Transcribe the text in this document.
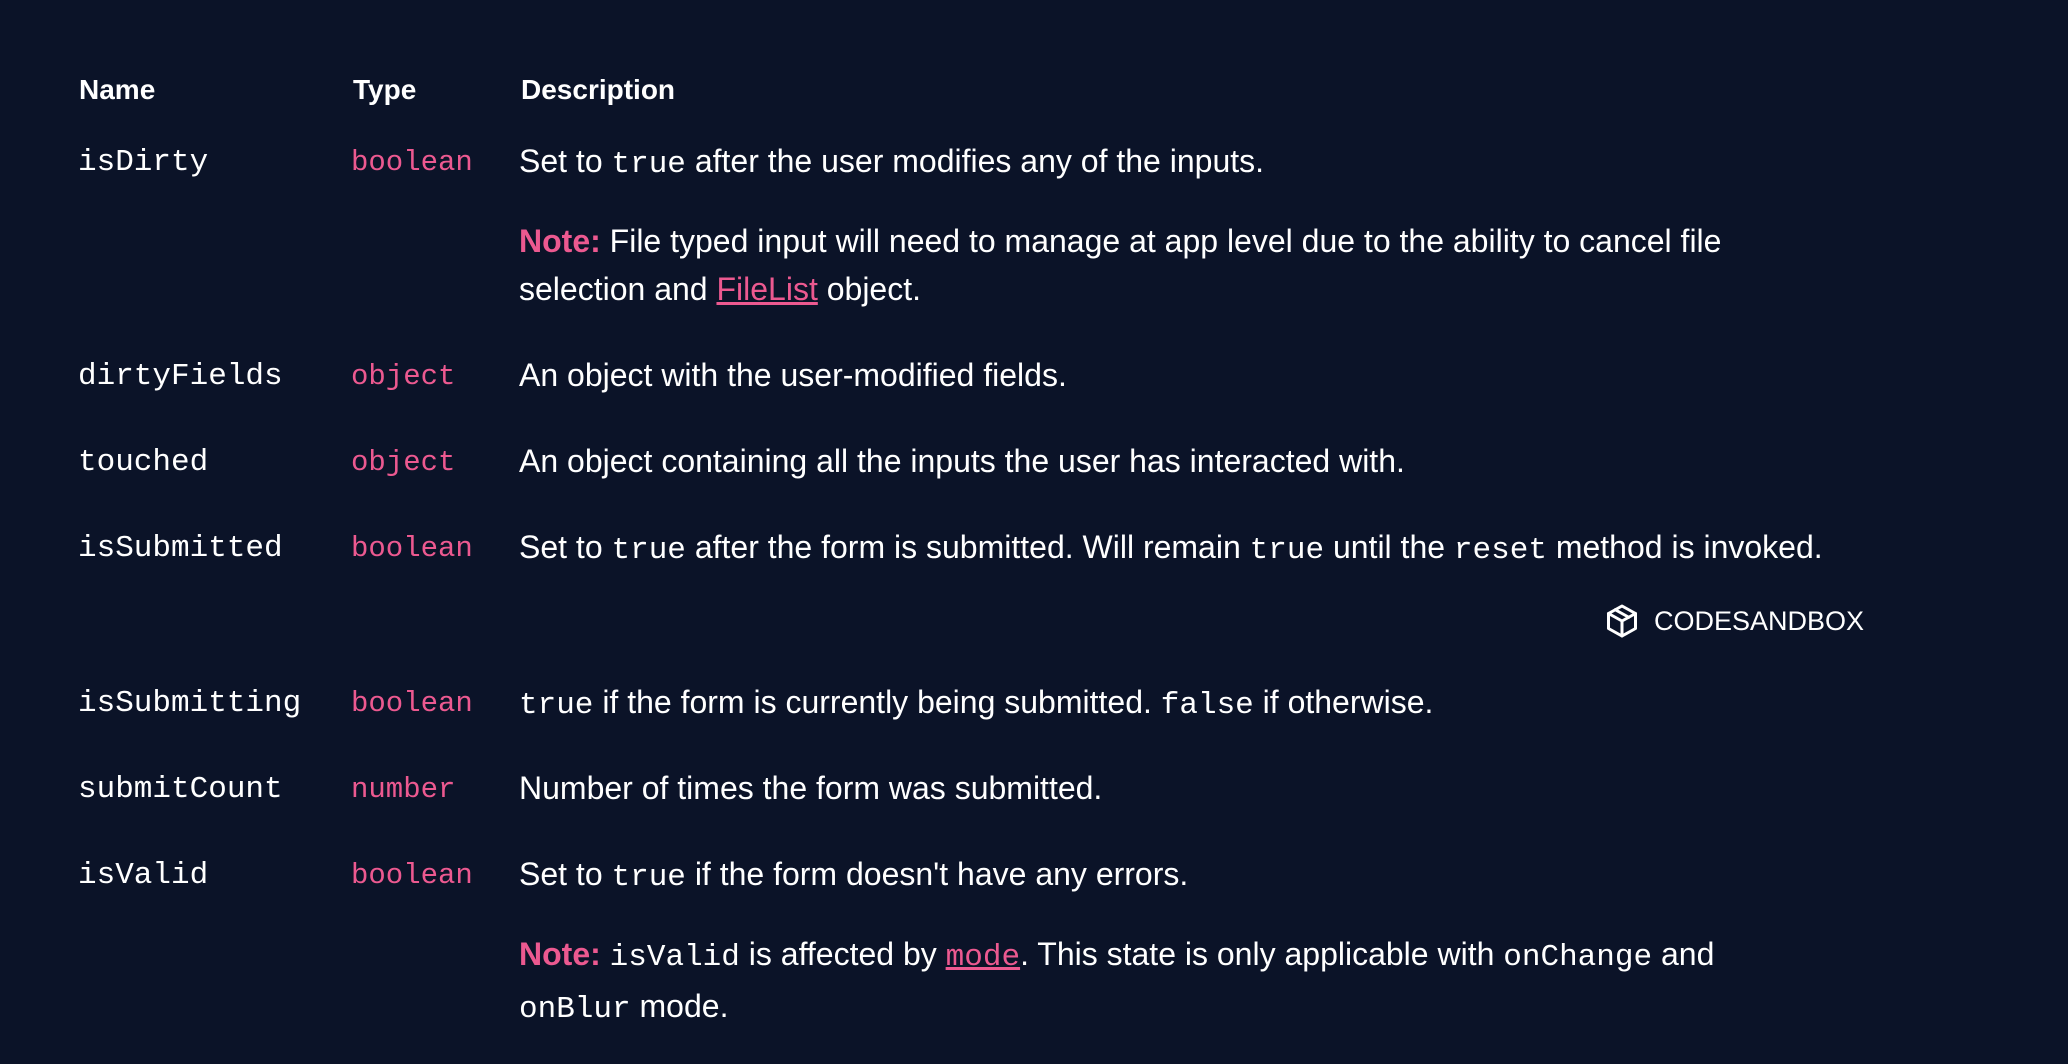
Name	Type	Description
isDirty	boolean Set to true after the user modifies any of the inputs.
Note: File typed input will need to manage at app level due to the ability to cancel file selection and FileList object.
dirtyFields object An object with the user-modified fields.
touched	object An object containing all the inputs the user has interacted with.
isSubmitted boolean Set to true after the form is submitted. Will remain true until the reset method is invoked.
CODESANDBOX
isSubmitting boolean true if the form is currently being submitted. false if otherwise.
submitCount number Number of times the form was submitted.
isValid	boolean Set to true if the form doesn't have any errors.
Note: isValid is affected by mode. This state is only applicable with onChange and onBlur mode.
